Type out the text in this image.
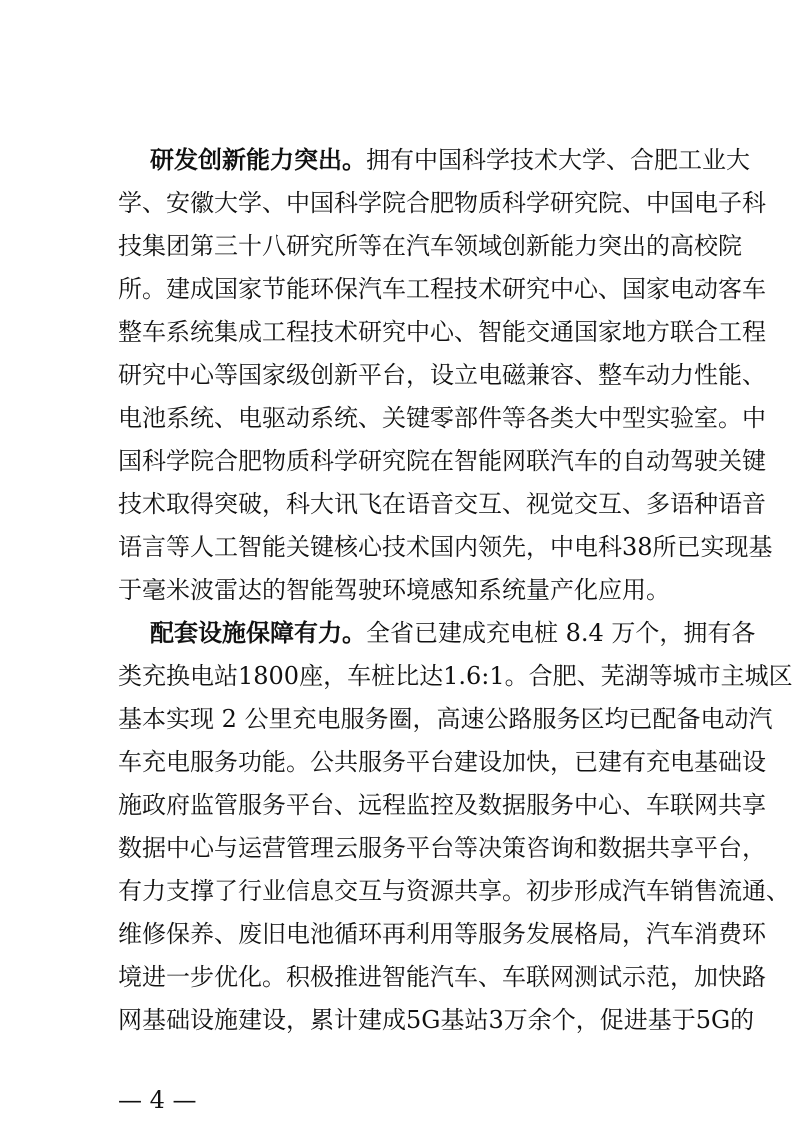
研发创新能力突出。拥有中国科学技术大学、合肥工业大
学、安徽大学、中国科学院合肥物质科学研究院、中国电子科
技集团第三十八研究所等在汽车领域创新能力突出的高校院
所。建成国家节能环保汽车工程技术研究中心、国家电动客车
整车系统集成工程技术研究中心、智能交通国家地方联合工程
研究中心等国家级创新平台，设立电磁兼容、整车动力性能、
电池系统、电驱动系统、关键零部件等各类大中型实验室。中
国科学院合肥物质科学研究院在智能网联汽车的自动驾驶关键
技术取得突破，科大讯飞在语音交互、视觉交互、多语种语音
语言等人工智能关键核心技术国内领先，中电科38所已实现基
于毫米波雷达的智能驾驶环境感知系统量产化应用。
配套设施保障有力。全省已建成充电桩 8.4 万个，拥有各
类充换电站1800座，车桩比达1.6:1。合肥、芜湖等城市主城区
基本实现 2 公里充电服务圈，高速公路服务区均已配备电动汽
车充电服务功能。公共服务平台建设加快，已建有充电基础设
施政府监管服务平台、远程监控及数据服务中心、车联网共享
数据中心与运营管理云服务平台等决策咨询和数据共享平台，
有力支撑了行业信息交互与资源共享。初步形成汽车销售流通、
维修保养、废旧电池循环再利用等服务发展格局，汽车消费环
境进一步优化。积极推进智能汽车、车联网测试示范，加快路
网基础设施建设，累计建成5G基站3万余个，促进基于5G的
— 4 —
